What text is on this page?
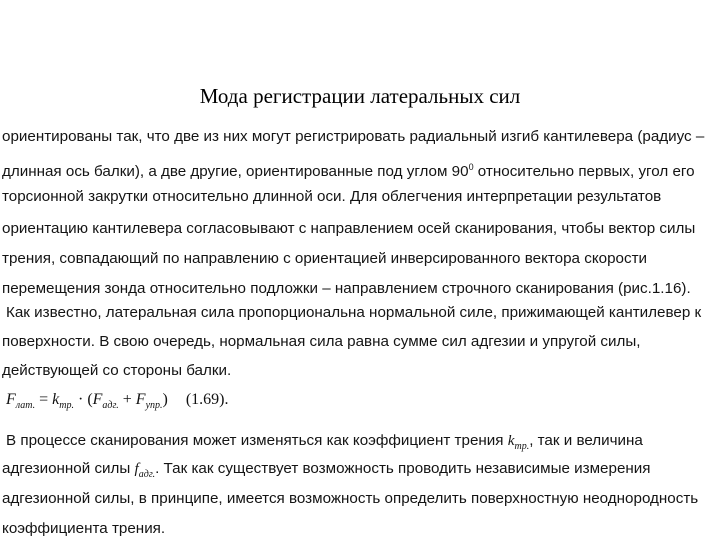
Мода регистрации латеральных сил
ориентированы так, что две из них могут регистрировать радиальный изгиб кантилевера (радиус –
длинная ось балки), а две другие, ориентированные под углом $90^0$ относительно первых, угол его
торсионной закрутки относительно длинной оси. Для облегчения интерпретации результатов
ориентацию кантилевера согласовывают с направлением осей сканирования, чтобы вектор силы
трения, совпадающий по направлению с ориентацией инверсированного вектора скорости
перемещения зонда относительно подложки – направлением строчного сканирования (рис.1.16).
Как известно, латеральная сила пропорциональна нормальной силе, прижимающей кантилевер к
поверхности. В свою очередь, нормальная сила равна сумме сил адгезии и упругой силы,
действующей со стороны балки.
$F_{лат.} = k_{тр.} \cdot (F_{адг.} + F_{упр.})$ (1.69).
В процессе сканирования может изменяться как коэффициент трения $k_{тр.}$, так и величина
адгезионной силы $f_{адг.}$. Так как существует возможность проводить независимые измерения
адгезионной силы, в принципе, имеется возможность определить поверхностную неоднородность
коэффициента трения.
